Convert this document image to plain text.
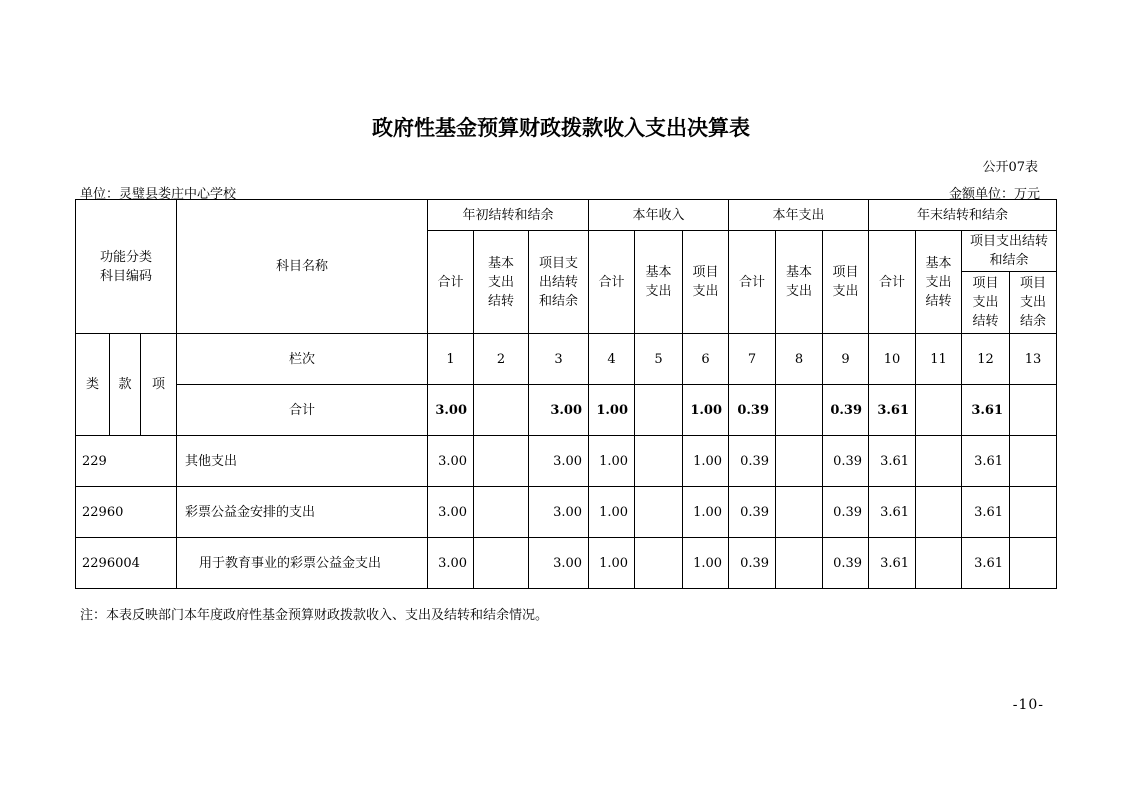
政府性基金预算财政拨款收入支出决算表
公开07表
单位：灵璧县娄庄中心学校	金额单位：万元
功能分类科目编码			科目名称	年初结转和结余			本年收入			本年支出			年末结转和结余			
				合计	基本支出结转	项目支出结转和结余	合计	基本支出	项目支出	合计	基本支出	项目支出	合计	基本支出结转	项目支出结转和结余	

															项目支出结转	项目支出结余

类	款	项	栏次	1	2	3	4	5	6	7	8	9	10	11	12	13
			合计	3.00		3.00	1.00		1.00	0.39		0.39	3.61		3.61	
229			其他支出	3.00		3.00	1.00		1.00	0.39		0.39	3.61		3.61	
22960			彩票公益金安排的支出	3.00		3.00	1.00		1.00	0.39		0.39	3.61		3.61	
2296004			用于教育事业的彩票公益金支出	3.00		3.00	1.00		1.00	0.39		0.39	3.61		3.61	
注：本表反映部门本年度政府性基金预算财政拨款收入、支出及结转和结余情况。
-10-
